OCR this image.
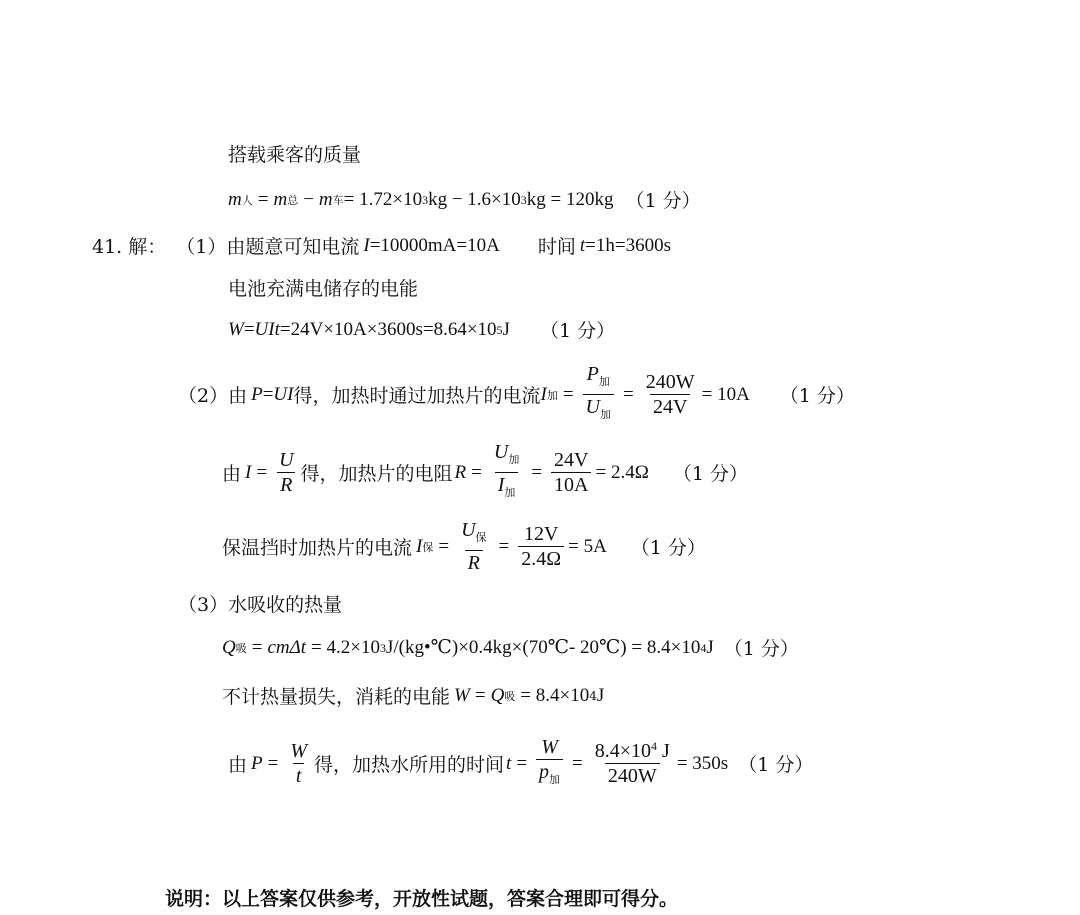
搭载乘客的质量
m 人 = m 总 − m 车 = 1.72×10 3 kg − 1.6×10 3 kg = 120kg （1 分）
41. 解： （1）由题意可知电流 I =10000mA=10A 时间 t =1h=3600s
电池充满电储存的电能
W = UIt =24V×10A×3600s=8.64×10 5 J （1 分）
（2）由 P = UI 得，加热时通过加热片的电流 I 加 = $\frac{P_加}{U_加} = \frac{240W}{24V} = 10A$ （1 分）
由 $I = \frac{U}{R}$ 得，加热片的电阻 $R = \frac{U_加}{I_加} = \frac{24V}{10A} = 2.4\Omega$ （1 分）
保温挡时加热片的电流 I 保 = $\frac{U_保}{R} = \frac{12V}{2.4\Omega} = 5A$ （1 分）
（3）水吸收的热量
Q 吸 = cmΔt = 4.2×10 3 J/(kg•℃)×0.4kg×(70℃- 20℃) = 8.4×10 4 J （1 分）
不计热量损失，消耗的电能 W = Q 吸 = 8.4×10 4 J
由 $P = \frac{W}{t}$ 得，加热水所用的时间 $t = \frac{W}{p_加} = \frac{8.4\times 10^4 J}{240W} = 350s$ （1 分）
说明：以上答案仅供参考，开放性试题，答案合理即可得分。
